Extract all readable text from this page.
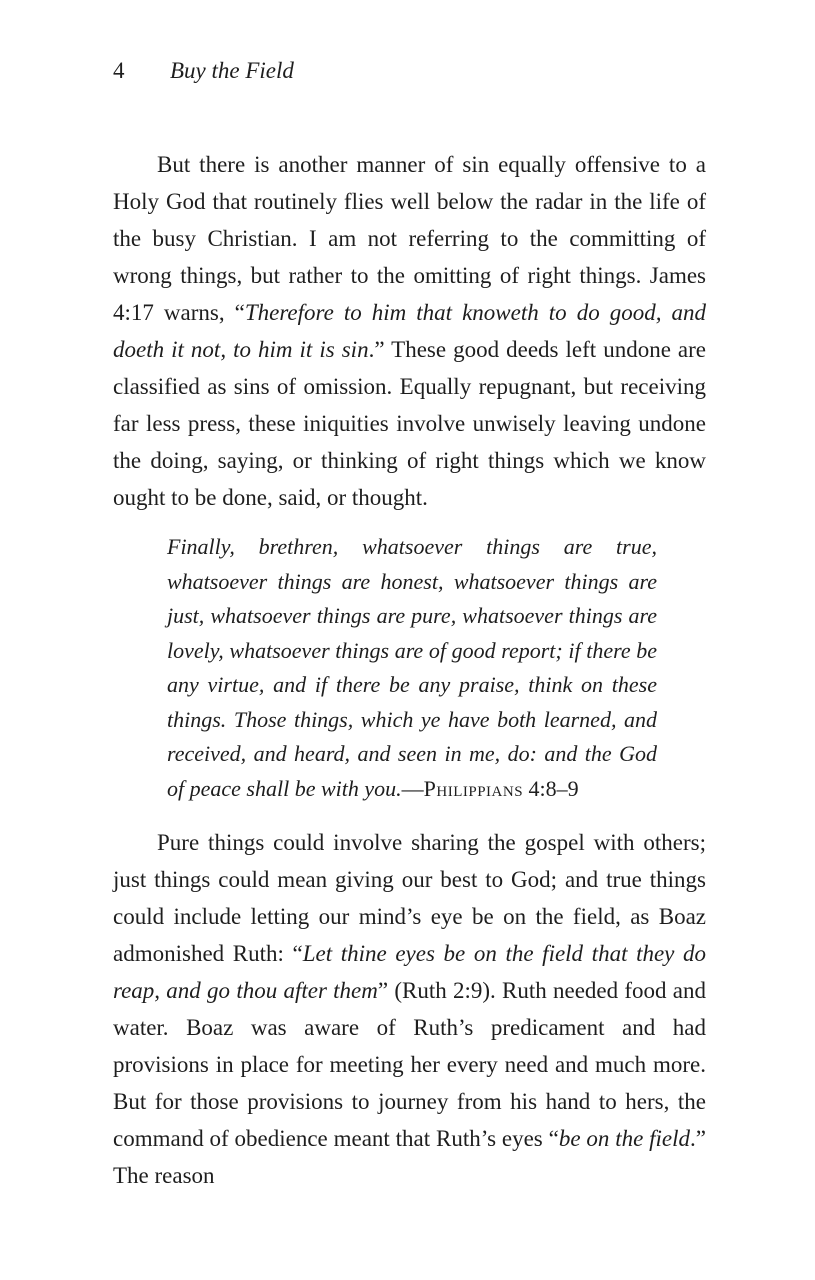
4	Buy the Field

But there is another manner of sin equally offensive to a Holy God that routinely flies well below the radar in the life of the busy Christian. I am not referring to the committing of wrong things, but rather to the omitting of right things. James 4:17 warns, “Therefore to him that knoweth to do good, and doeth it not, to him it is sin.” These good deeds left undone are classified as sins of omission. Equally repugnant, but receiving far less press, these iniquities involve unwisely leaving undone the doing, saying, or thinking of right things which we know ought to be done, said, or thought.

Finally, brethren, whatsoever things are true, whatsoever things are honest, whatsoever things are just, whatsoever things are pure, whatsoever things are lovely, whatsoever things are of good report; if there be any virtue, and if there be any praise, think on these things. Those things, which ye have both learned, and received, and heard, and seen in me, do: and the God of peace shall be with you.—Philippians 4:8–9

Pure things could involve sharing the gospel with others; just things could mean giving our best to God; and true things could include letting our mind’s eye be on the field, as Boaz admonished Ruth: “Let thine eyes be on the field that they do reap, and go thou after them” (Ruth 2:9). Ruth needed food and water. Boaz was aware of Ruth’s predicament and had provisions in place for meeting her every need and much more. But for those provisions to journey from his hand to hers, the command of obedience meant that Ruth’s eyes “be on the field.” The reason
